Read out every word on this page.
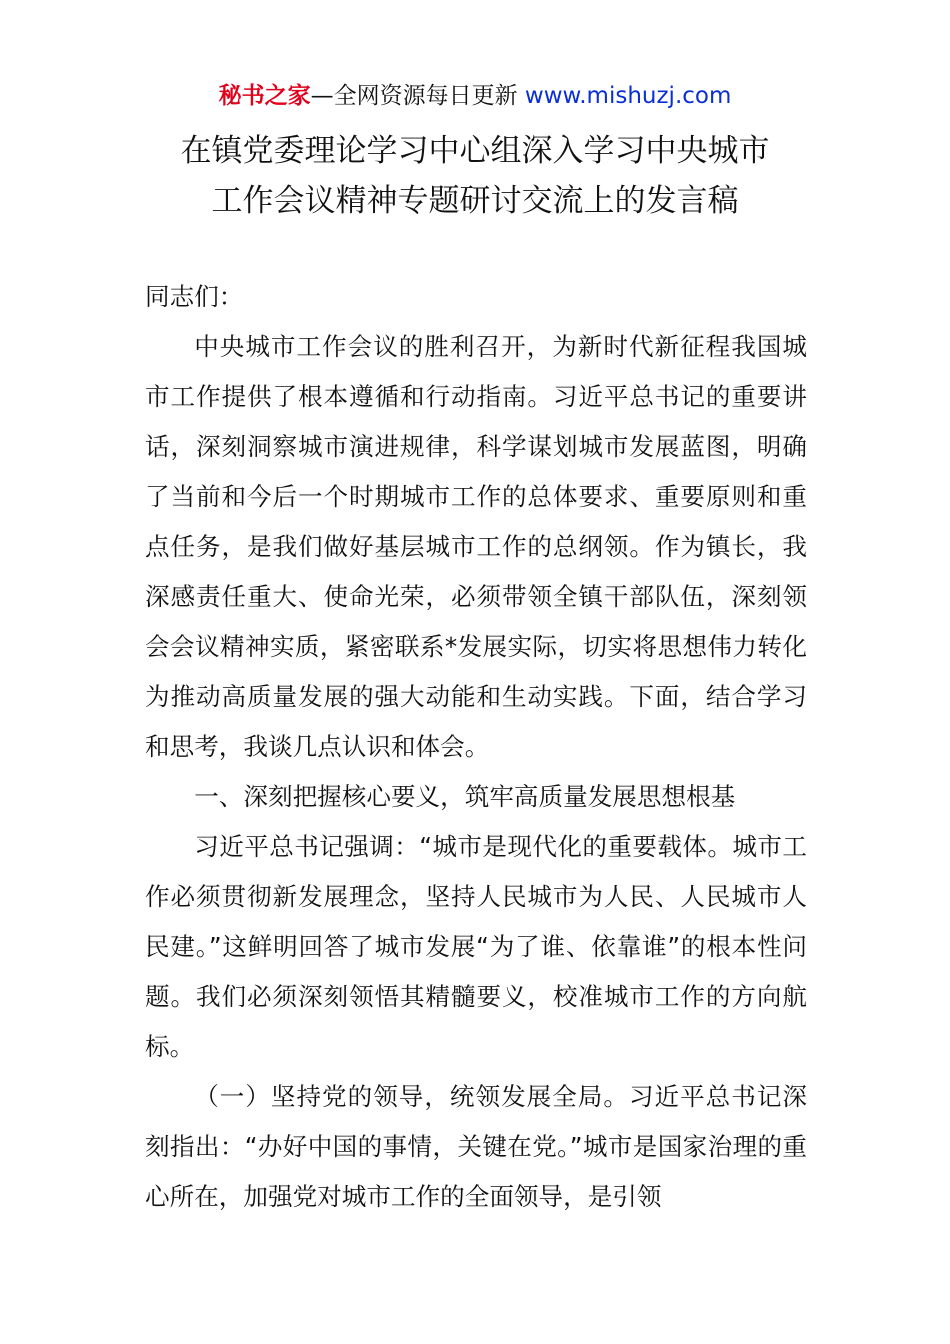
秘书之家—全网资源每日更新 www.mishuzj.com
在镇党委理论学习中心组深入学习中央城市
工作会议精神专题研讨交流上的发言稿

同志们：

中央城市工作会议的胜利召开，为新时代新征程我国城市工作提供了根本遵循和行动指南。习近平总书记的重要讲话，深刻洞察城市演进规律，科学谋划城市发展蓝图，明确了当前和今后一个时期城市工作的总体要求、重要原则和重点任务，是我们做好基层城市工作的总纲领。作为镇长，我深感责任重大、使命光荣，必须带领全镇干部队伍，深刻领会会议精神实质，紧密联系*发展实际，切实将思想伟力转化为推动高质量发展的强大动能和生动实践。下面，结合学习和思考，我谈几点认识和体会。

一、深刻把握核心要义，筑牢高质量发展思想根基

习近平总书记强调：“城市是现代化的重要载体。城市工作必须贯彻新发展理念，坚持人民城市为人民、人民城市人民建。”这鲜明回答了城市发展“为了谁、依靠谁”的根本性问题。我们必须深刻领悟其精髓要义，校准城市工作的方向航标。

（一）坚持党的领导，统领发展全局。习近平总书记深刻指出：“办好中国的事情，关键在党。”城市是国家治理的重心所在，加强党对城市工作的全面领导，是引领
